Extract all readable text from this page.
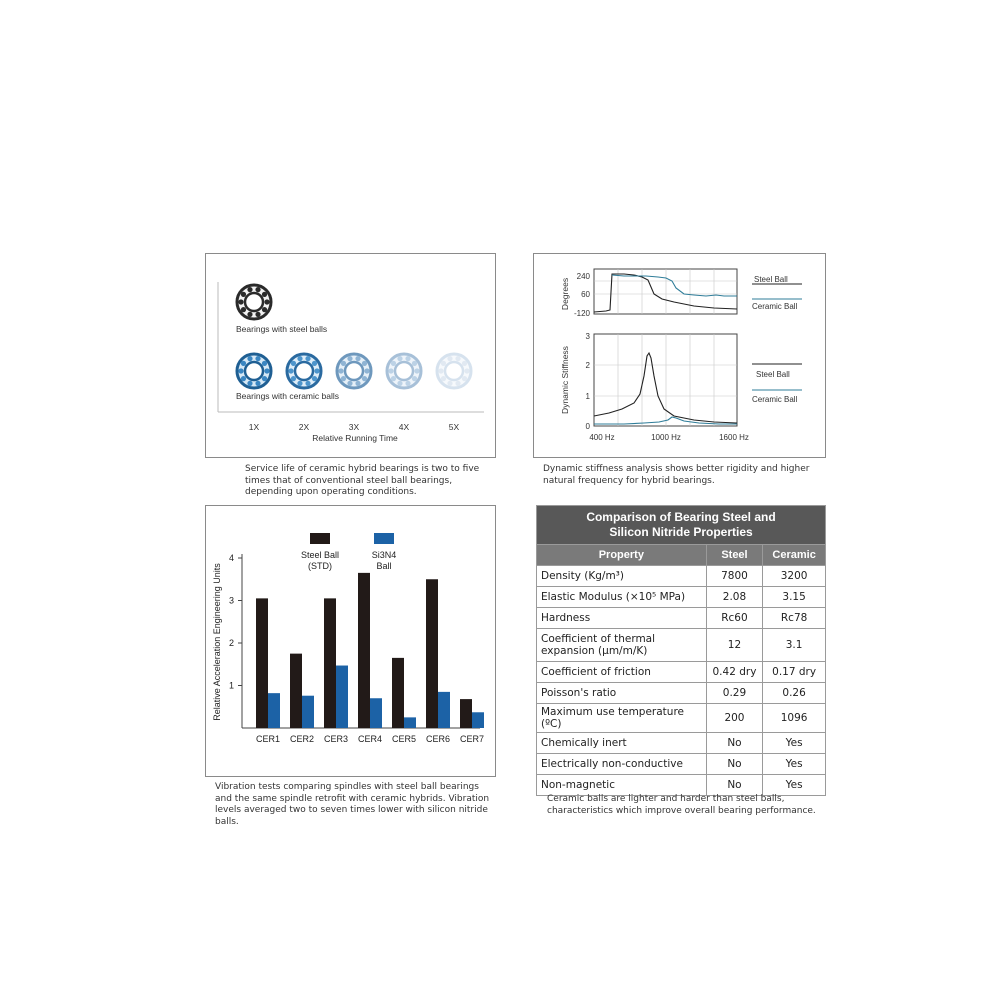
Bearings with steel balls
Bearings with ceramic balls
1X	2X	3X	4X	5X
Relative Running Time
Service life of ceramic hybrid bearings is two to five times that of conventional steel ball bearings, depending upon operating conditions.
240
60
-120
Degrees	Steel Ball
Ceramic Ball
3
2
1
0
Dynamic Stiffness
400 Hz	1000 Hz	1600 Hz
Steel Ball
Ceramic Ball
Dynamic stiffness analysis shows better rigidity and higher natural frequency for hybrid bearings.
Steel Ball
(STD)
Si3N4
Ball
1
2
3
4
Relative Acceleration Engineering Units
CER1 CER2 CER3 CER4 CER5 CER6 CER7
Vibration tests comparing spindles with steel ball bearings and the same spindle retrofit with ceramic hybrids. Vibration levels averaged two to seven times lower with silicon nitride balls.
Comparison of Bearing Steel and
Silicon Nitride Properties		
Property	Steel	Ceramic
Density (Kg/m³)	7800	3200
Elastic Modulus (×10⁵ MPa)	2.08	3.15
Hardness	Rc60	Rc78
Coefficient of thermal expansion (µm/m/K)	12	3.1
Coefficient of friction	0.42 dry	0.17 dry
Poisson's ratio	0.29	0.26
Maximum use temperature (ºC)	200	1096
Chemically inert	No	Yes
Electrically non-conductive	No	Yes
Non-magnetic	No	Yes
Ceramic balls are lighter and harder than steel balls, characteristics which improve overall bearing performance.
